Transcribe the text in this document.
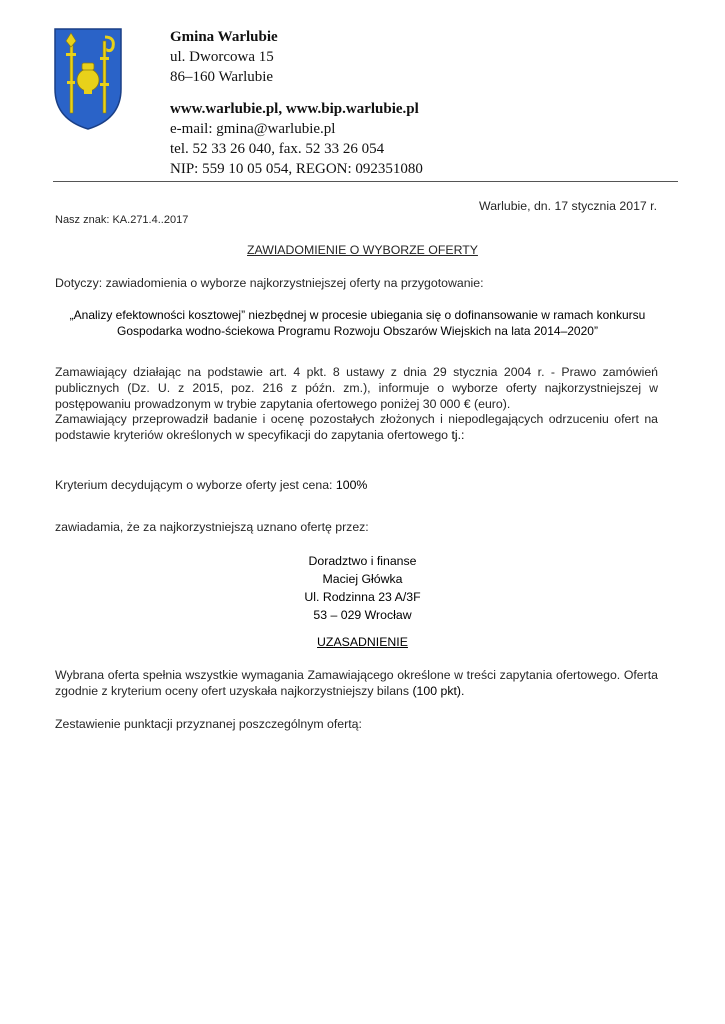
Gmina Warlubie
ul. Dworcowa 15
86–160 Warlubie
www.warlubie.pl, www.bip.warlubie.pl
e-mail: gmina@warlubie.pl
tel. 52 33 26 040, fax. 52 33 26 054
NIP: 559 10 05 054, REGON: 092351080
Warlubie, dn. 17 stycznia 2017 r.
Nasz znak: KA.271.4..2017
ZAWIADOMIENIE O WYBORZE OFERTY
Dotyczy: zawiadomienia o wyborze najkorzystniejszej oferty na przygotowanie:
„Analizy efektowności kosztowej” niezbędnej w procesie ubiegania się o dofinansowanie w ramach konkursu
Gospodarka wodno-ściekowa Programu Rozwoju Obszarów Wiejskich na lata 2014–2020”
Zamawiający działając na podstawie art. 4 pkt. 8 ustawy z dnia 29 stycznia 2004 r. - Prawo zamówień publicznych (Dz. U. z 2015, poz. 216 z późn. zm.), informuje o wyborze oferty najkorzystniejszej w postępowaniu prowadzonym w trybie zapytania ofertowego poniżej 30 000 € (euro).
Zamawiający przeprowadził badanie i ocenę pozostałych złożonych i niepodlegających odrzuceniu ofert na podstawie kryteriów określonych w specyfikacji do zapytania ofertowego tj.:
Kryterium decydującym o wyborze oferty jest cena: 100%
zawiadamia, że za najkorzystniejszą uznano ofertę przez:
Doradztwo i finanse
Maciej Główka
Ul. Rodzinna 23 A/3F
53 – 029 Wrocław
UZASADNIENIE
Wybrana oferta spełnia wszystkie wymagania Zamawiającego określone w treści zapytania ofertowego. Oferta zgodnie z kryterium oceny ofert uzyskała najkorzystniejszy bilans (100 pkt).
Zestawienie punktacji przyznanej poszczególnym ofertą:
